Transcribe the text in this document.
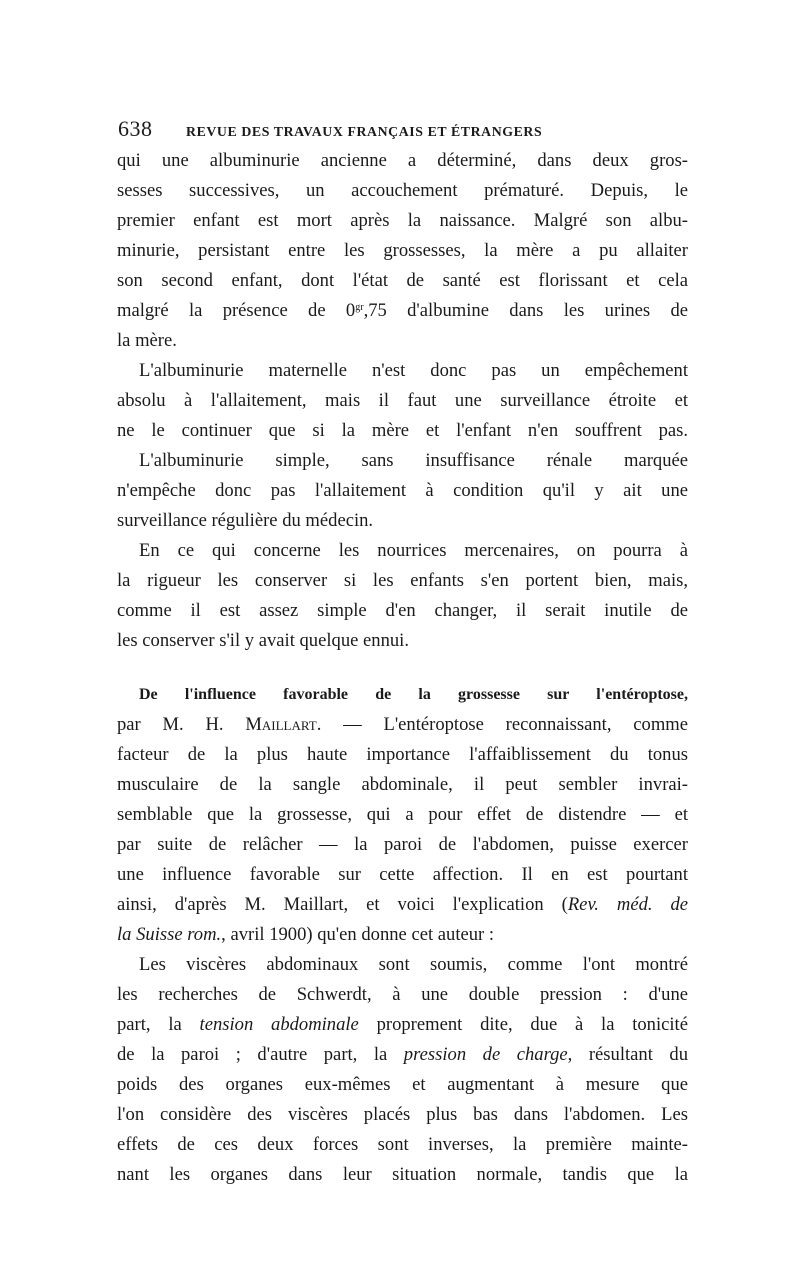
638	REVUE DES TRAVAUX FRANÇAIS ET ÉTRANGERS
qui une albuminurie ancienne a déterminé, dans deux gros-
sesses successives, un accouchement prématuré. Depuis, le
premier enfant est mort après la naissance. Malgré son albu-
minurie, persistant entre les grossesses, la mère a pu allaiter
son second enfant, dont l'état de santé est florissant et cela
malgré la présence de $0^{gr},75$ d'albumine dans les urines de
la mère.
L'albuminurie maternelle n'est donc pas un empêchement
absolu à l'allaitement, mais il faut une surveillance étroite et
ne le continuer que si la mère et l'enfant n'en souffrent pas.
L'albuminurie simple, sans insuffisance rénale marquée
n'empêche donc pas l'allaitement à condition qu'il y ait une
surveillance régulière du médecin.
En ce qui concerne les nourrices mercenaires, on pourra à
la rigueur les conserver si les enfants s'en portent bien, mais,
comme il est assez simple d'en changer, il serait inutile de
les conserver s'il y avait quelque ennui.
De l'influence favorable de la grossesse sur l'entéroptose,
par M. H. Maillart. — L'entéroptose reconnaissant, comme
facteur de la plus haute importance l'affaiblissement du tonus
musculaire de la sangle abdominale, il peut sembler invrai-
semblable que la grossesse, qui a pour effet de distendre — et
par suite de relâcher — la paroi de l'abdomen, puisse exercer
une influence favorable sur cette affection. Il en est pourtant
ainsi, d'après M. Maillart, et voici l'explication (Rev. méd. de
la Suisse rom., avril 1900) qu'en donne cet auteur :
Les viscères abdominaux sont soumis, comme l'ont montré
les recherches de Schwerdt, à une double pression : d'une
part, la tension abdominale proprement dite, due à la tonicité
de la paroi ; d'autre part, la pression de charge, résultant du
poids des organes eux-mêmes et augmentant à mesure que
l'on considère des viscères placés plus bas dans l'abdomen. Les
effets de ces deux forces sont inverses, la première mainte-
nant les organes dans leur situation normale, tandis que la
